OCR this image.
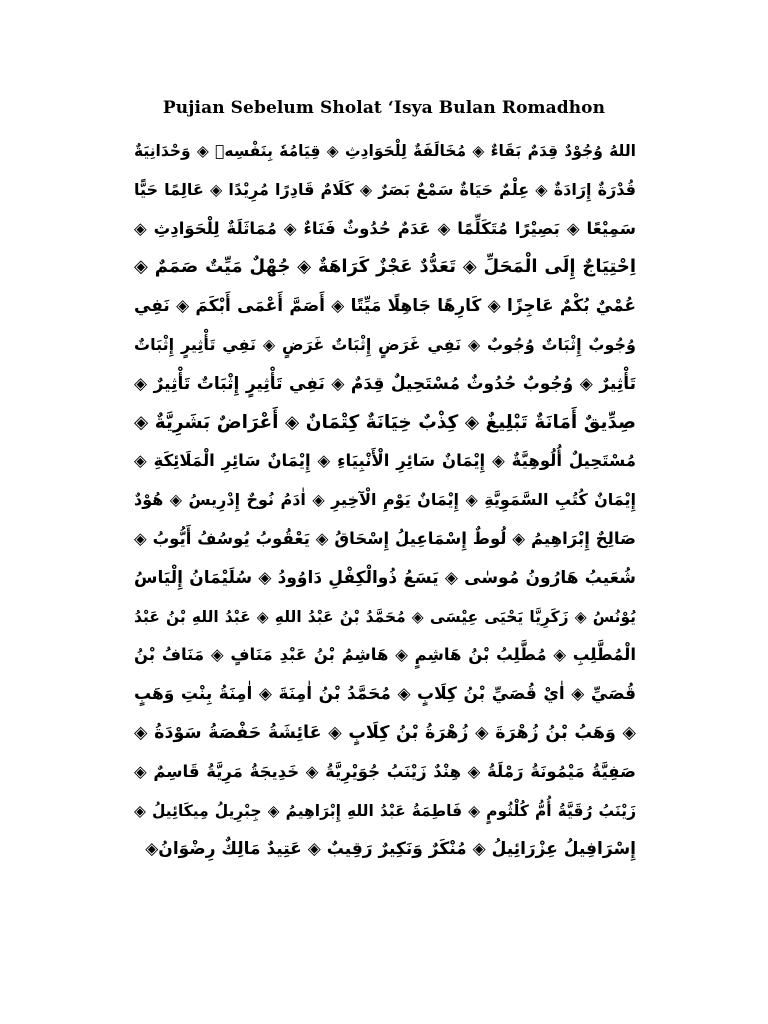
Pujian Sebelum Sholat ‘Isya Bulan Romadhon
اللهُ وُجُوْدٌ قِدَمٌ بَقَاءٌ ◈ مُخَالَفَةٌ لِلْحَوَادِثِ ◈ قِيَامُهٗ بِنَفْسِهٖ ◈ وَحْدَانِيَةٌ
قُدْرَةٌ إِرَادَةٌ ◈ عِلْمٌ حَيَاةٌ سَمْعٌ بَصَرٌ ◈ كَلَامٌ قَادِرًا مُرِيْدًا ◈ عَالِمًا حَيًّا
سَمِيْعًا ◈ بَصِيْرًا مُتَكَلِّمًا ◈ عَدَمٌ حُدُوثٌ فَنَاءٌ ◈ مُمَاثَلَةٌ لِلْحَوَادِثِ ◈
اِحْتِيَاجٌ إِلَى الْمَحَلِّ ◈ تَعَدُّدٌ عَجْزٌ كَرَاهَةٌ ◈ جُهْلٌ مَيِّتٌ صَمَمٌ ◈
عُمْيٌ بُكْمٌ عَاجِزًا ◈ كَارِهًا جَاهِلًا مَيِّتًا ◈ أَصَمَّ أَعْمَى أَبْكَمَ ◈ نَفِي
وُجُوبٌ إِثْبَاتٌ وُجُوبٌ ◈ نَفِي غَرَضٍ إِثْبَاتٌ غَرَضٍ ◈ نَفِي تَأْثِيرٍ إِثْبَاتٌ
تَأْثِيرٌ ◈ وُجُوبٌ حُدُوثٌ مُسْتَحِيلٌ قِدَمٌ ◈ نَفِي تَأْثِيرٍ إِثْبَاتٌ تَأْثِيرٌ ◈
صِدِّيقٌ أَمَانَةٌ تَبْلِيغٌ ◈ كِذْبٌ خِيَانَةٌ كِتْمَانٌ ◈ أَعْرَاضٌ بَشَرِيَّةٌ ◈
مُسْتَحِيلٌ أُلُوهِيَّةٌ ◈ إِيْمَانٌ سَائِرِ الْأَنْبِيَاءِ ◈ إِيْمَانٌ سَائِرِ الْمَلَائِكَةِ ◈
إِيْمَانٌ كُتُبِ السَّمَوِيَّةِ ◈ إِيْمَانٌ يَوْمِ الْآخِيرِ ◈ اٰدَمُ نُوحٌ إِدْرِيسُ ◈ هُوْدٌ
صَالِحٌ إِبْرَاهِيمُ ◈ لُوطٌ إِسْمَاعِيلُ إِسْحَاقُ ◈ يَعْقُوبُ يُوسُفُ أَيُّوبُ ◈
شُعَيبُ هَارُونُ مُوسٰى ◈ يَسَعُ ذُوالْكِفْلِ دَاوُودُ ◈ سُلَيْمَانُ إِلْيَاسُ
يُوْنُسُ ◈ زَكَرِيَّا يَحْيَى عِيْسَى ◈ مُحَمَّدُ بْنُ عَبْدُ اللهِ ◈ عَبْدُ اللهِ بْنُ عَبْدُ
الْمُطَّلِبِ ◈ مُطَّلِبُ بْنُ هَاشِمٍ ◈ هَاشِمُ بْنُ عَبْدِ مَنَافٍ ◈ مَنَافُ بْنُ
قُصَيِّ ◈ اٰيْ قُصَيِّ بْنُ كِلَابٍ ◈ مُحَمَّدُ بْنُ اٰمِنَةَ ◈ اٰمِنَةُ بِنْتِ وَهَبٍ
◈ وَهَبُ بْنُ زُهْرَةَ ◈ زُهْرَةُ بْنُ كِلَابٍ ◈ عَائِشَةُ حَفْصَةُ سَوْدَةُ ◈
صَفِيَّةُ مَيْمُونَةُ رَمْلَةُ ◈ هِنْدٌ زَيْنَبُ جُوَيْرِيَّةُ ◈ خَدِيجَةُ مَرِيَّةُ قَاسِمٌ ◈
زَيْنَبُ رُقَيَّةُ أُمُّ كُلْثُومٍ ◈ فَاطِمَةُ عَبْدُ اللهِ إِبْرَاهِيمُ ◈ جِبْرِيلُ مِيكَائِيلُ ◈
إِسْرَافِيلُ عِزْرَائِيلُ ◈ مُنْكَرٌ وَنَكِيرٌ رَقِيبٌ ◈ عَتِيدٌ مَالِكٌ رِضْوَانُ◈
